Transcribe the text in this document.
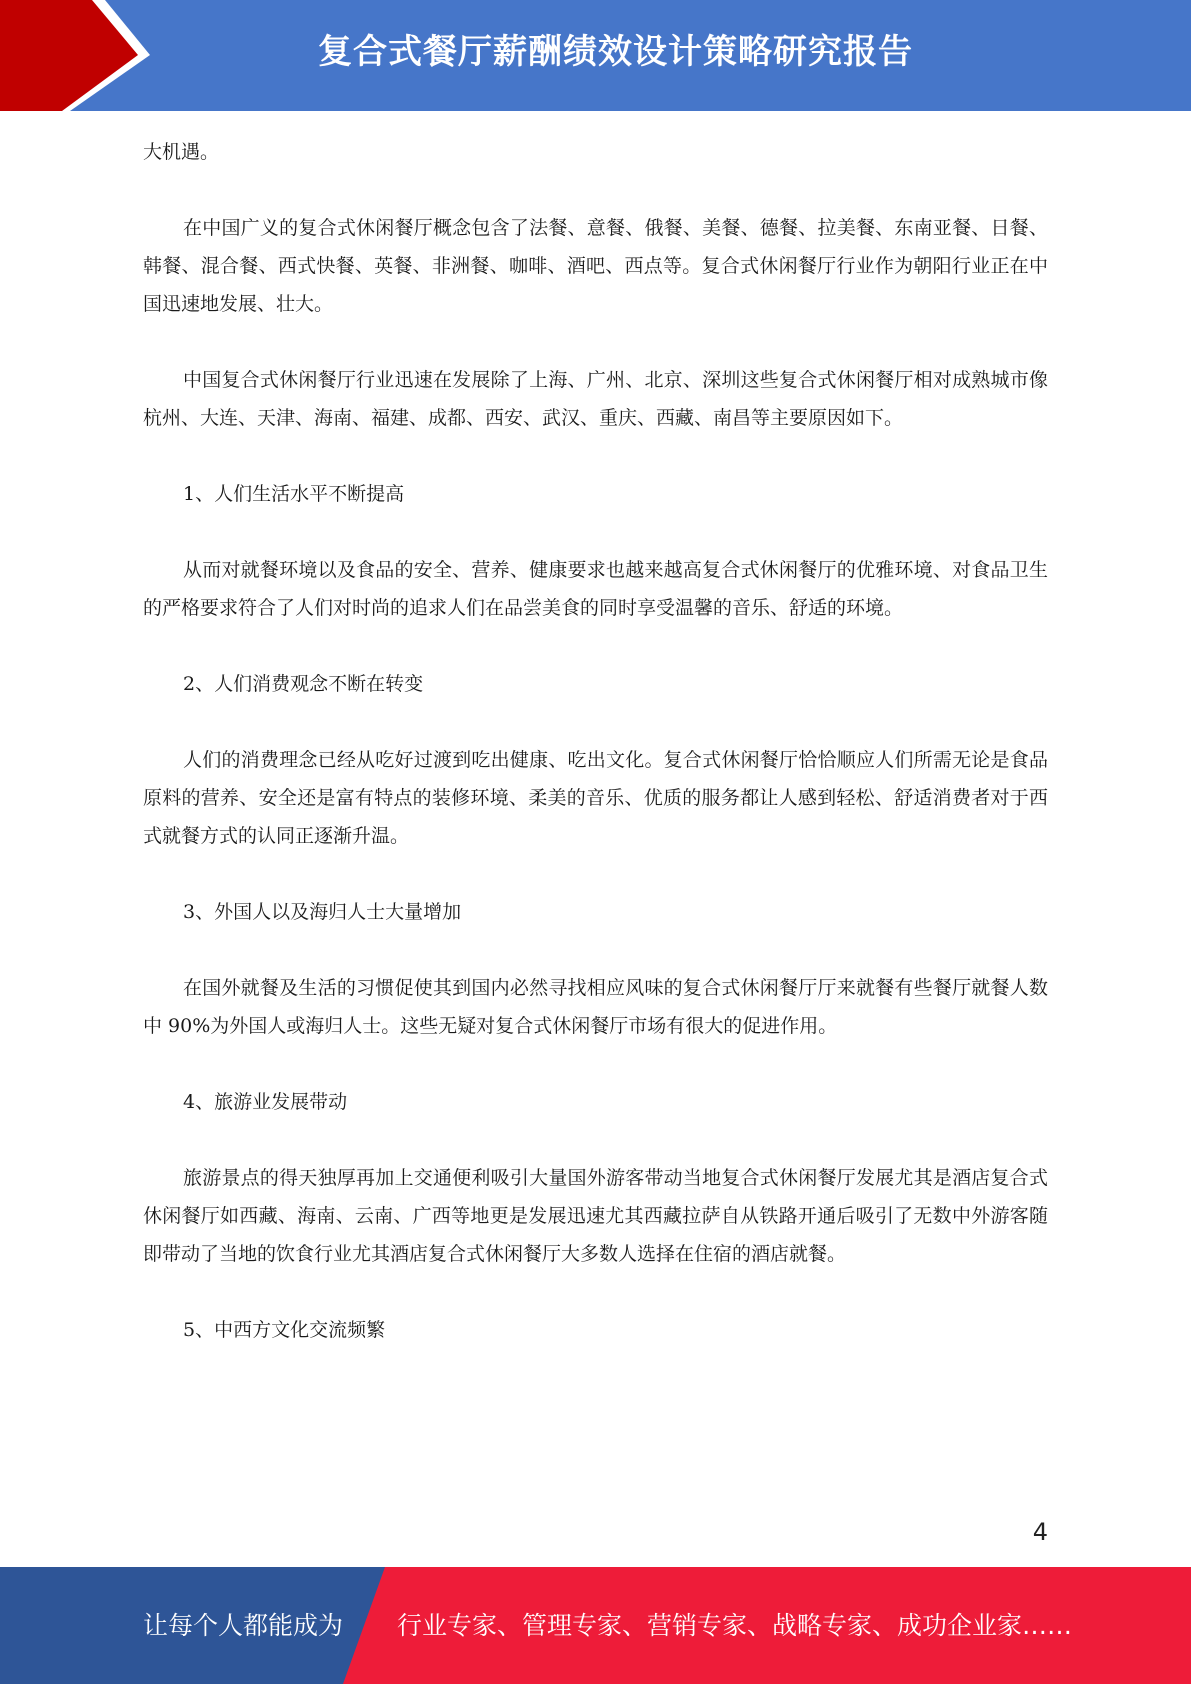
复合式餐厅薪酬绩效设计策略研究报告

大机遇。

在中国广义的复合式休闲餐厅概念包含了法餐、意餐、俄餐、美餐、德餐、拉美餐、东南亚餐、日餐、韩餐、混合餐、西式快餐、英餐、非洲餐、咖啡、酒吧、西点等。复合式休闲餐厅行业作为朝阳行业正在中国迅速地发展、壮大。

中国复合式休闲餐厅行业迅速在发展除了上海、广州、北京、深圳这些复合式休闲餐厅相对成熟城市像杭州、大连、天津、海南、福建、成都、西安、武汉、重庆、西藏、南昌等主要原因如下。

1、人们生活水平不断提高

从而对就餐环境以及食品的安全、营养、健康要求也越来越高复合式休闲餐厅的优雅环境、对食品卫生的严格要求符合了人们对时尚的追求人们在品尝美食的同时享受温馨的音乐、舒适的环境。

2、人们消费观念不断在转变

人们的消费理念已经从吃好过渡到吃出健康、吃出文化。复合式休闲餐厅恰恰顺应人们所需无论是食品原料的营养、安全还是富有特点的装修环境、柔美的音乐、优质的服务都让人感到轻松、舒适消费者对于西式就餐方式的认同正逐渐升温。

3、外国人以及海归人士大量增加

在国外就餐及生活的习惯促使其到国内必然寻找相应风味的复合式休闲餐厅厅来就餐有些餐厅就餐人数中 90%为外国人或海归人士。这些无疑对复合式休闲餐厅市场有很大的促进作用。

4、旅游业发展带动

旅游景点的得天独厚再加上交通便利吸引大量国外游客带动当地复合式休闲餐厅发展尤其是酒店复合式休闲餐厅如西藏、海南、云南、广西等地更是发展迅速尤其西藏拉萨自从铁路开通后吸引了无数中外游客随即带动了当地的饮食行业尤其酒店复合式休闲餐厅大多数人选择在住宿的酒店就餐。

5、中西方文化交流频繁

4
让每个人都能成为 行业专家、管理专家、营销专家、战略专家、成功企业家……
